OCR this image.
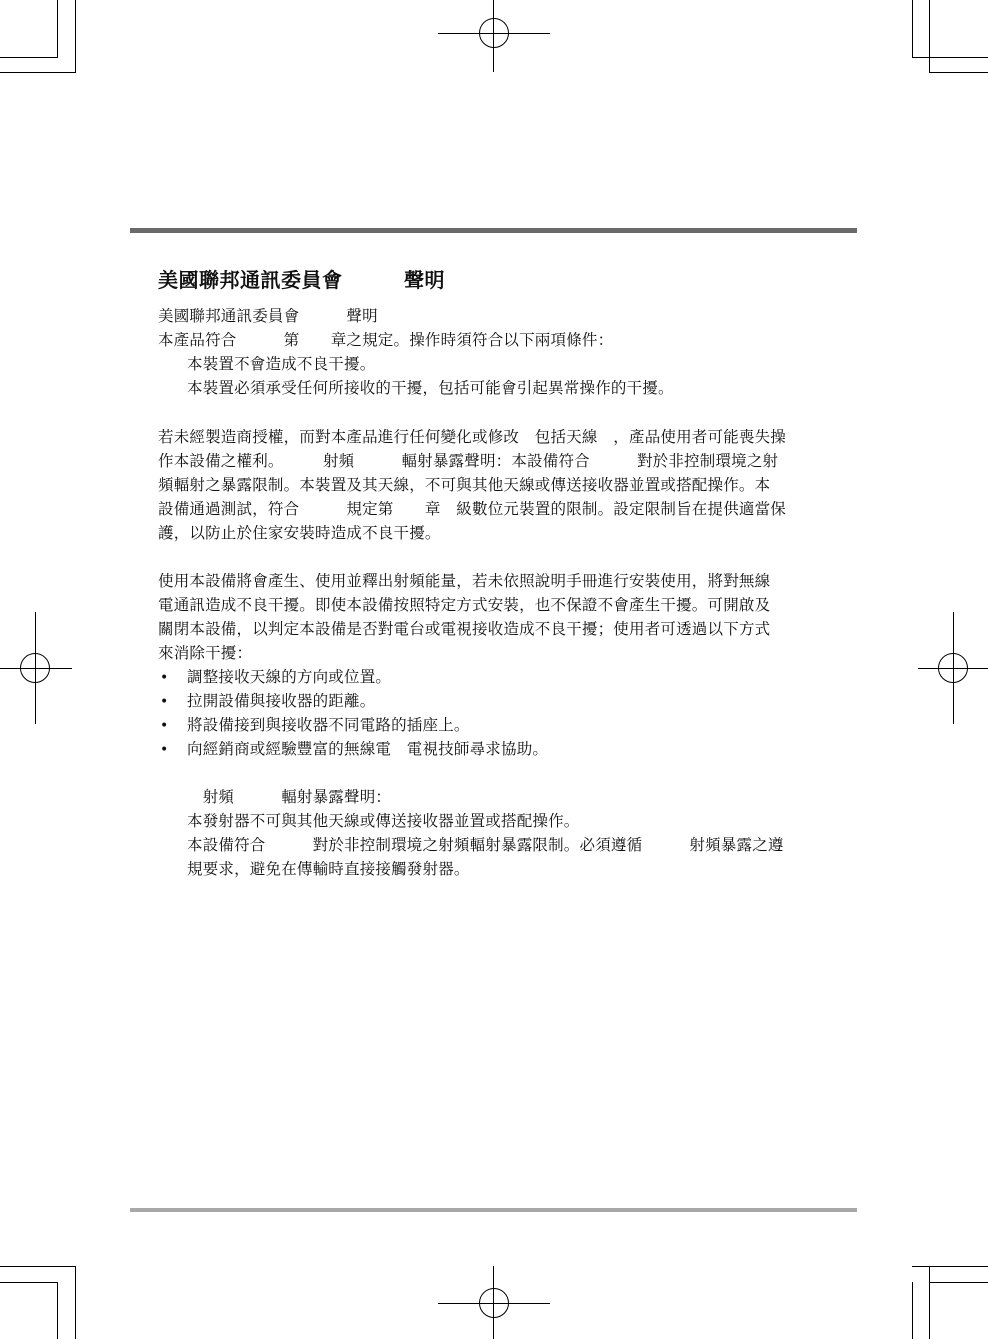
美國聯邦通訊委員會　　　聲明
美國聯邦通訊委員會　　　聲明
本產品符合　　　第　　章之規定。操作時須符合以下兩項條件：
本裝置不會造成不良干擾。
本裝置必須承受任何所接收的干擾，包括可能會引起異常操作的干擾。
若未經製造商授權，而對本產品進行任何變化或修改　包括天線　，產品使用者可能喪失操
作本設備之權利。　　　射頻　　　輻射暴露聲明：本設備符合　　　對於非控制環境之射
頻輻射之暴露限制。本裝置及其天線，不可與其他天線或傳送接收器並置或搭配操作。本
設備通過測試，符合　　　規定第　　章　級數位元裝置的限制。設定限制旨在提供適當保
護，以防止於住家安裝時造成不良干擾。
使用本設備將會產生、使用並釋出射頻能量，若未依照說明手冊進行安裝使用，將對無線
電通訊造成不良干擾。即使本設備按照特定方式安裝，也不保證不會產生干擾。可開啟及
關閉本設備，以判定本設備是否對電台或電視接收造成不良干擾；使用者可透過以下方式
來消除干擾：
• 調整接收天線的方向或位置。
• 拉開設備與接收器的距離。
• 將設備接到與接收器不同電路的插座上。
• 向經銷商或經驗豐富的無線電　電視技師尋求協助。
　射頻　　　輻射暴露聲明：
本發射器不可與其他天線或傳送接收器並置或搭配操作。
本設備符合　　　對於非控制環境之射頻輻射暴露限制。必須遵循　　　射頻暴露之遵
規要求，避免在傳輸時直接接觸發射器。
